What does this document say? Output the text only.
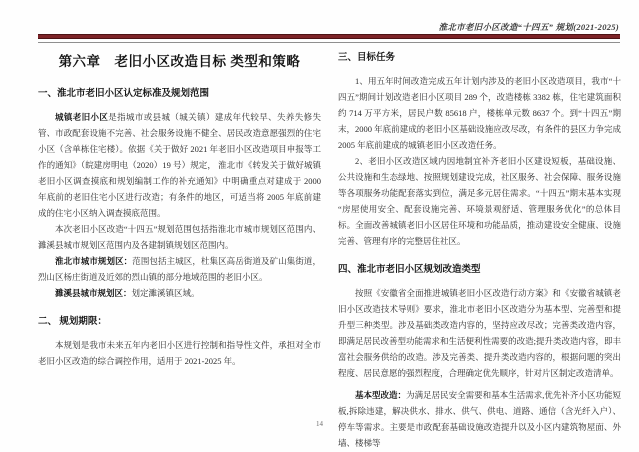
淮北市老旧小区改造“十四五” 规划(2021-2025)
第六章　老旧小区改造目标 类型和策略
一、淮北市老旧小区认定标准及规划范围

城镇老旧小区是指城市或县城（城关镇）建成年代较早、失养失修失管、市政配套设施不完善、社会服务设施不健全、居民改造意愿强烈的住宅小区（含单栋住宅楼）。依据《关于做好 2021 年老旧小区改造项目申报等工作的通知》（皖建房明电（2020）19 号）规定， 淮北市《转发关于做好城镇老旧小区调查摸底和规划编制工作的补充通知》中明确重点对建成于 2000 年底前的老旧住宅小区进行改造；有条件的地区，可适当将 2005 年底前建成的住宅小区纳入调查摸底范围。

本次老旧小区改造“十四五”规划范围包括指淮北市城市规划区范围内、濉溪县城市规划区范围内及各建制镇规划区范围内。

淮北市城市规划区：范围包括主城区，杜集区高岳街道及矿山集街道，烈山区杨庄街道及近郊的烈山镇的部分地域范围的老旧小区。

濉溪县城市规划区：划定濉溪镇区域。

二、 规划期限：

本规划是我市未来五年内老旧小区进行控制和指导性文件，承担对全市老旧小区改造的综合调控作用，适用于 2021-2025 年。

三、目标任务

1、用五年时间改造完成五年计划内涉及的老旧小区改造项目，我市“十四五”期间计划改造老旧小区项目 289 个，改造楼栋 3382 栋，住宅建筑面积约 714 万平方米，居民户数 85618 户，楼栋单元数 8637 个。到“十四五”期末，2000 年底前建成的老旧小区基础设施应改尽改，有条件的县区力争完成 2005 年底前建成的城镇老旧小区改造任务。

2、老旧小区改造区域内因地制宜补齐老旧小区建设短板，基础设施、公共设施和生态绿地、按照规划建设完成，社区服务、社会保障、服务设施等各项服务功能配套落实到位，满足多元居住需求。“十四五”期末基本实现“房屋使用安全、配套设施完善、环境景观舒适、管理服务优化”的总体目标。全面改善城镇老旧小区居住环境和功能品质，推动建设安全健康、设施完善、管理有序的完整居住社区。

四、淮北市老旧小区规划改造类型

按照《安徽省全面推进城镇老旧小区改造行动方案》和《安徽省城镇老旧小区改造技术导则》要求，淮北市老旧小区改造分为基本型、完善型和提升型三种类型。涉及基础类改造内容的，坚持应改尽改；完善类改造内容，即满足居民改善型功能需求和生活便利性需要的改造;提升类改造内容，即丰富社会服务供给的改造。涉及完善类、提升类改造内容的，根据问题的突出程度、居民意愿的强烈程度，合理确定优先顺序，针对片区制定改造清单。

基本型改造：为满足居民安全需要和基本生活需求,优先补齐小区功能短板,拆除违建，解决供水、排水、供气、供电、道路、通信（含光纤入户）、停车等需求。主要是市政配套基础设施改造提升以及小区内建筑物屋面、外墙、楼梯等

14
